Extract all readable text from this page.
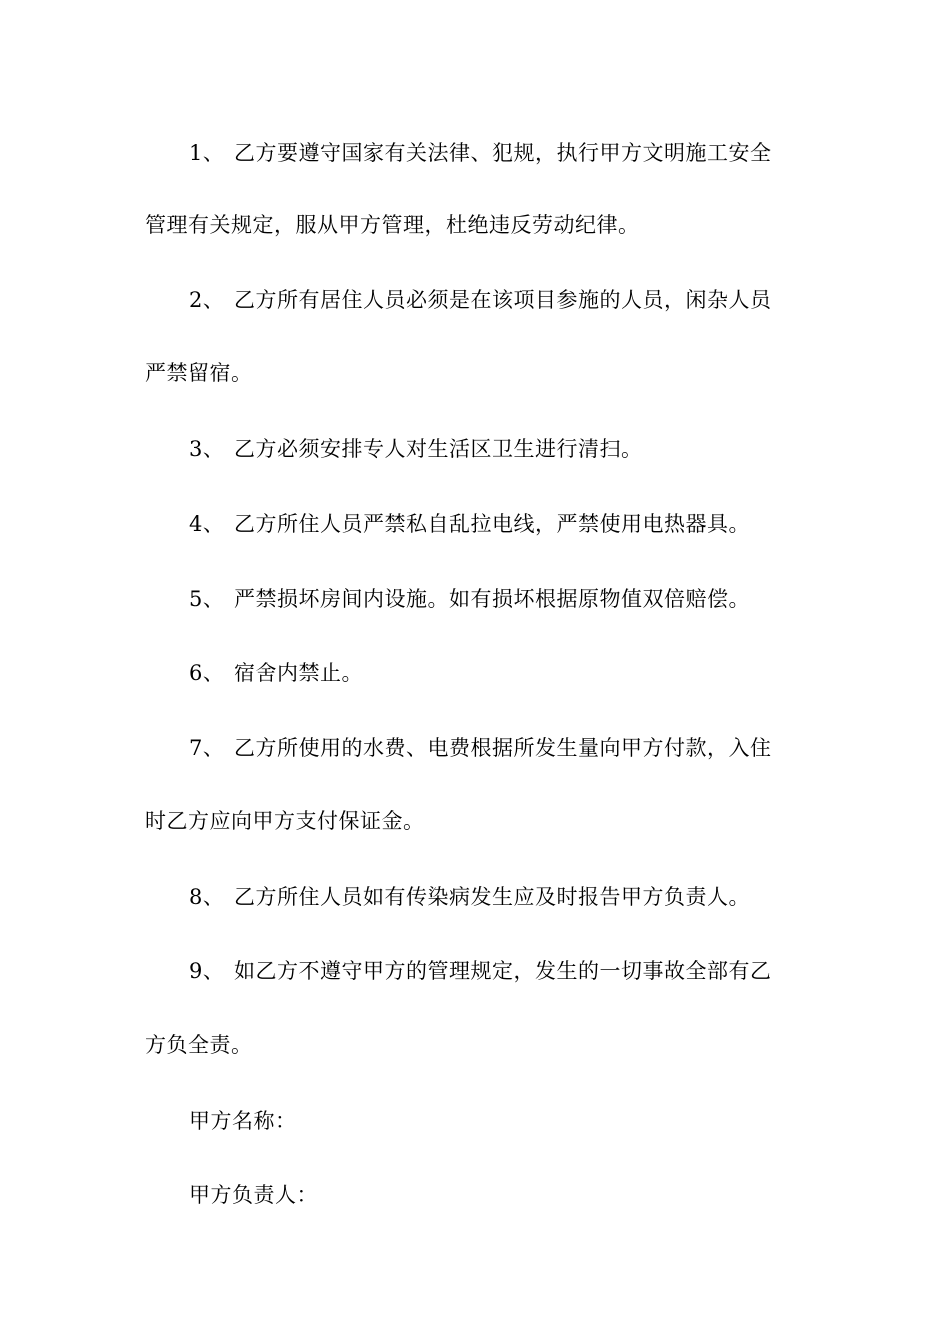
1、 乙方要遵守国家有关法律、犯规，执行甲方文明施工安全
管理有关规定，服从甲方管理，杜绝违反劳动纪律。
2、 乙方所有居住人员必须是在该项目参施的人员，闲杂人员
严禁留宿。
3、 乙方必须安排专人对生活区卫生进行清扫。
4、 乙方所住人员严禁私自乱拉电线，严禁使用电热器具。
5、 严禁损坏房间内设施。如有损坏根据原物值双倍赔偿。
6、 宿舍内禁止。
7、 乙方所使用的水费、电费根据所发生量向甲方付款，入住
时乙方应向甲方支付保证金。
8、 乙方所住人员如有传染病发生应及时报告甲方负责人。
9、 如乙方不遵守甲方的管理规定，发生的一切事故全部有乙
方负全责。
甲方名称：
甲方负责人：
